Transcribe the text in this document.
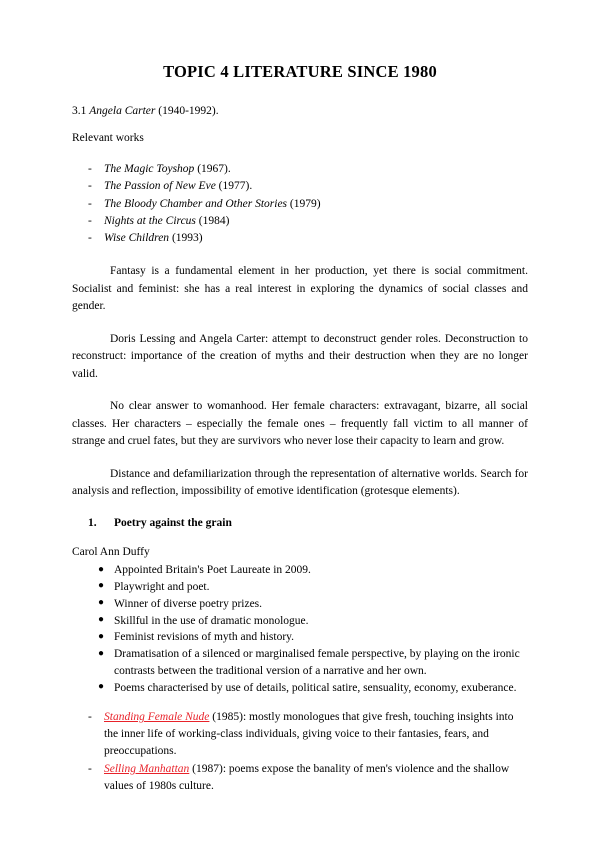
TOPIC 4 LITERATURE SINCE 1980

3.1 Angela Carter (1940-1992).

Relevant works

- The Magic Toyshop (1967).
- The Passion of New Eve (1977).
- The Bloody Chamber and Other Stories (1979)
- Nights at the Circus (1984)
- Wise Children (1993)

Fantasy is a fundamental element in her production, yet there is social commitment. Socialist and feminist: she has a real interest in exploring the dynamics of social classes and gender.

Doris Lessing and Angela Carter: attempt to deconstruct gender roles. Deconstruction to reconstruct: importance of the creation of myths and their destruction when they are no longer valid.

No clear answer to womanhood. Her female characters: extravagant, bizarre, all social classes. Her characters – especially the female ones – frequently fall victim to all manner of strange and cruel fates, but they are survivors who never lose their capacity to learn and grow.

Distance and defamiliarization through the representation of alternative worlds. Search for analysis and reflection, impossibility of emotive identification (grotesque elements).

1. Poetry against the grain

Carol Ann Duffy

● Appointed Britain's Poet Laureate in 2009.
● Playwright and poet.
● Winner of diverse poetry prizes.
● Skillful in the use of dramatic monologue.
● Feminist revisions of myth and history.
● Dramatisation of a silenced or marginalised female perspective, by playing on the ironic contrasts between the traditional version of a narrative and her own.
● Poems characterised by use of details, political satire, sensuality, economy, exuberance.
- Standing Female Nude (1985): mostly monologues that give fresh, touching insights into the inner life of working-class individuals, giving voice to their fantasies, fears, and preoccupations.
- Selling Manhattan (1987): poems expose the banality of men's violence and the shallow values of 1980s culture.
